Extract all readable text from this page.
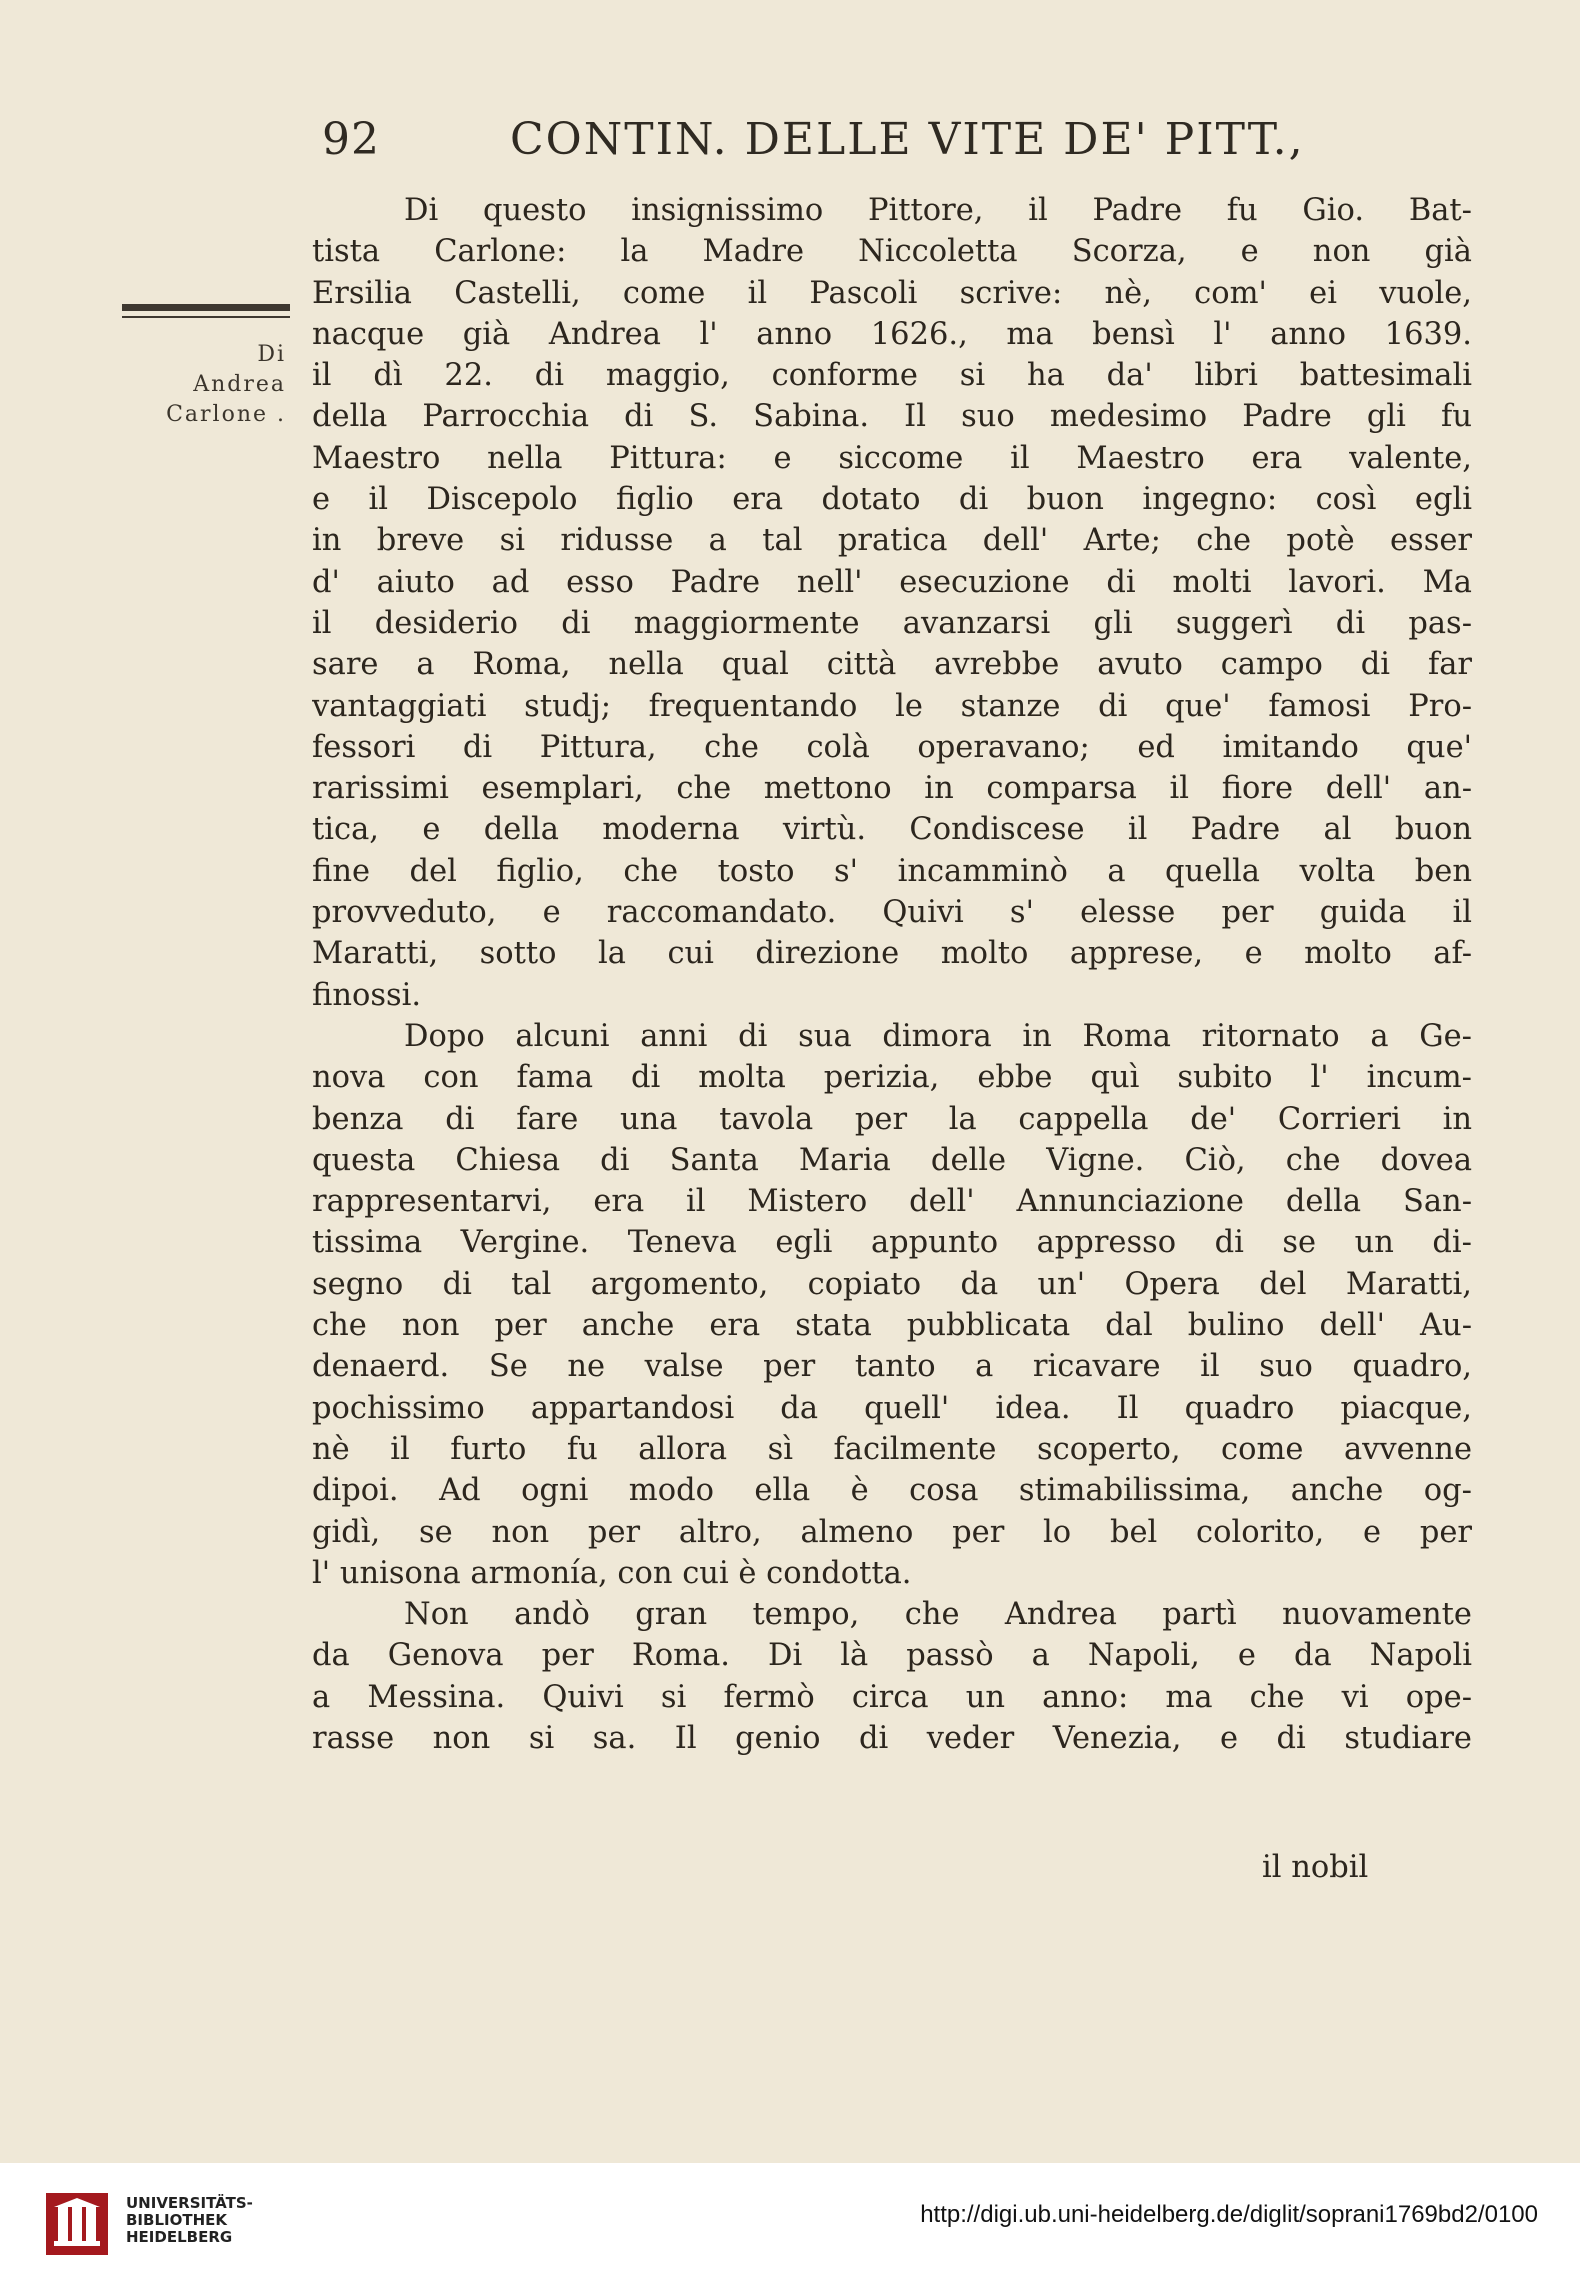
92	CONTIN. DELLE VITE DE' PITT.,
Di
Andrea
Carlone .
Di questo insignissimo Pittore, il Padre fu Gio. Bat-
tista Carlone: la Madre Niccoletta Scorza, e non già
Ersilia Castelli, come il Pascoli scrive: nè, com' ei vuole,
nacque già Andrea l' anno 1626., ma bensì l' anno 1639.
il dì 22. di maggio, conforme si ha da' libri battesimali
della Parrocchia di S. Sabina. Il suo medesimo Padre gli fu
Maestro nella Pittura: e siccome il Maestro era valente,
e il Discepolo figlio era dotato di buon ingegno: così egli
in breve si ridusse a tal pratica dell' Arte; che potè esser
d' aiuto ad esso Padre nell' esecuzione di molti lavori. Ma
il desiderio di maggiormente avanzarsi gli suggerì di pas-
sare a Roma, nella qual città avrebbe avuto campo di far
vantaggiati studj; frequentando le stanze di que' famosi Pro-
fessori di Pittura, che colà operavano; ed imitando que'
rarissimi esemplari, che mettono in comparsa il fiore dell' an-
tica, e della moderna virtù. Condiscese il Padre al buon
fine del figlio, che tosto s' incamminò a quella volta ben
provveduto, e raccomandato. Quivi s' elesse per guida il
Maratti, sotto la cui direzione molto apprese, e molto af-
finossi.
Dopo alcuni anni di sua dimora in Roma ritornato a Ge-
nova con fama di molta perizia, ebbe quì subito l' incum-
benza di fare una tavola per la cappella de' Corrieri in
questa Chiesa di Santa Maria delle Vigne. Ciò, che dovea
rappresentarvi, era il Mistero dell' Annunciazione della San-
tissima Vergine. Teneva egli appunto appresso di se un di-
segno di tal argomento, copiato da un' Opera del Maratti,
che non per anche era stata pubblicata dal bulino dell' Au-
denaerd. Se ne valse per tanto a ricavare il suo quadro,
pochissimo appartandosi da quell' idea. Il quadro piacque,
nè il furto fu allora sì facilmente scoperto, come avvenne
dipoi. Ad ogni modo ella è cosa stimabilissima, anche og-
gidì, se non per altro, almeno per lo bel colorito, e per
l' unisona armonía, con cui è condotta.
Non andò gran tempo, che Andrea partì nuovamente
da Genova per Roma. Di là passò a Napoli, e da Napoli
a Messina. Quivi si fermò circa un anno: ma che vi ope-
rasse non si sa. Il genio di veder Venezia, e di studiare
il nobil
UNIVERSITÄTS-
BIBLIOTHEK
HEIDELBERG
http://digi.ub.uni-heidelberg.de/diglit/soprani1769bd2/0100
